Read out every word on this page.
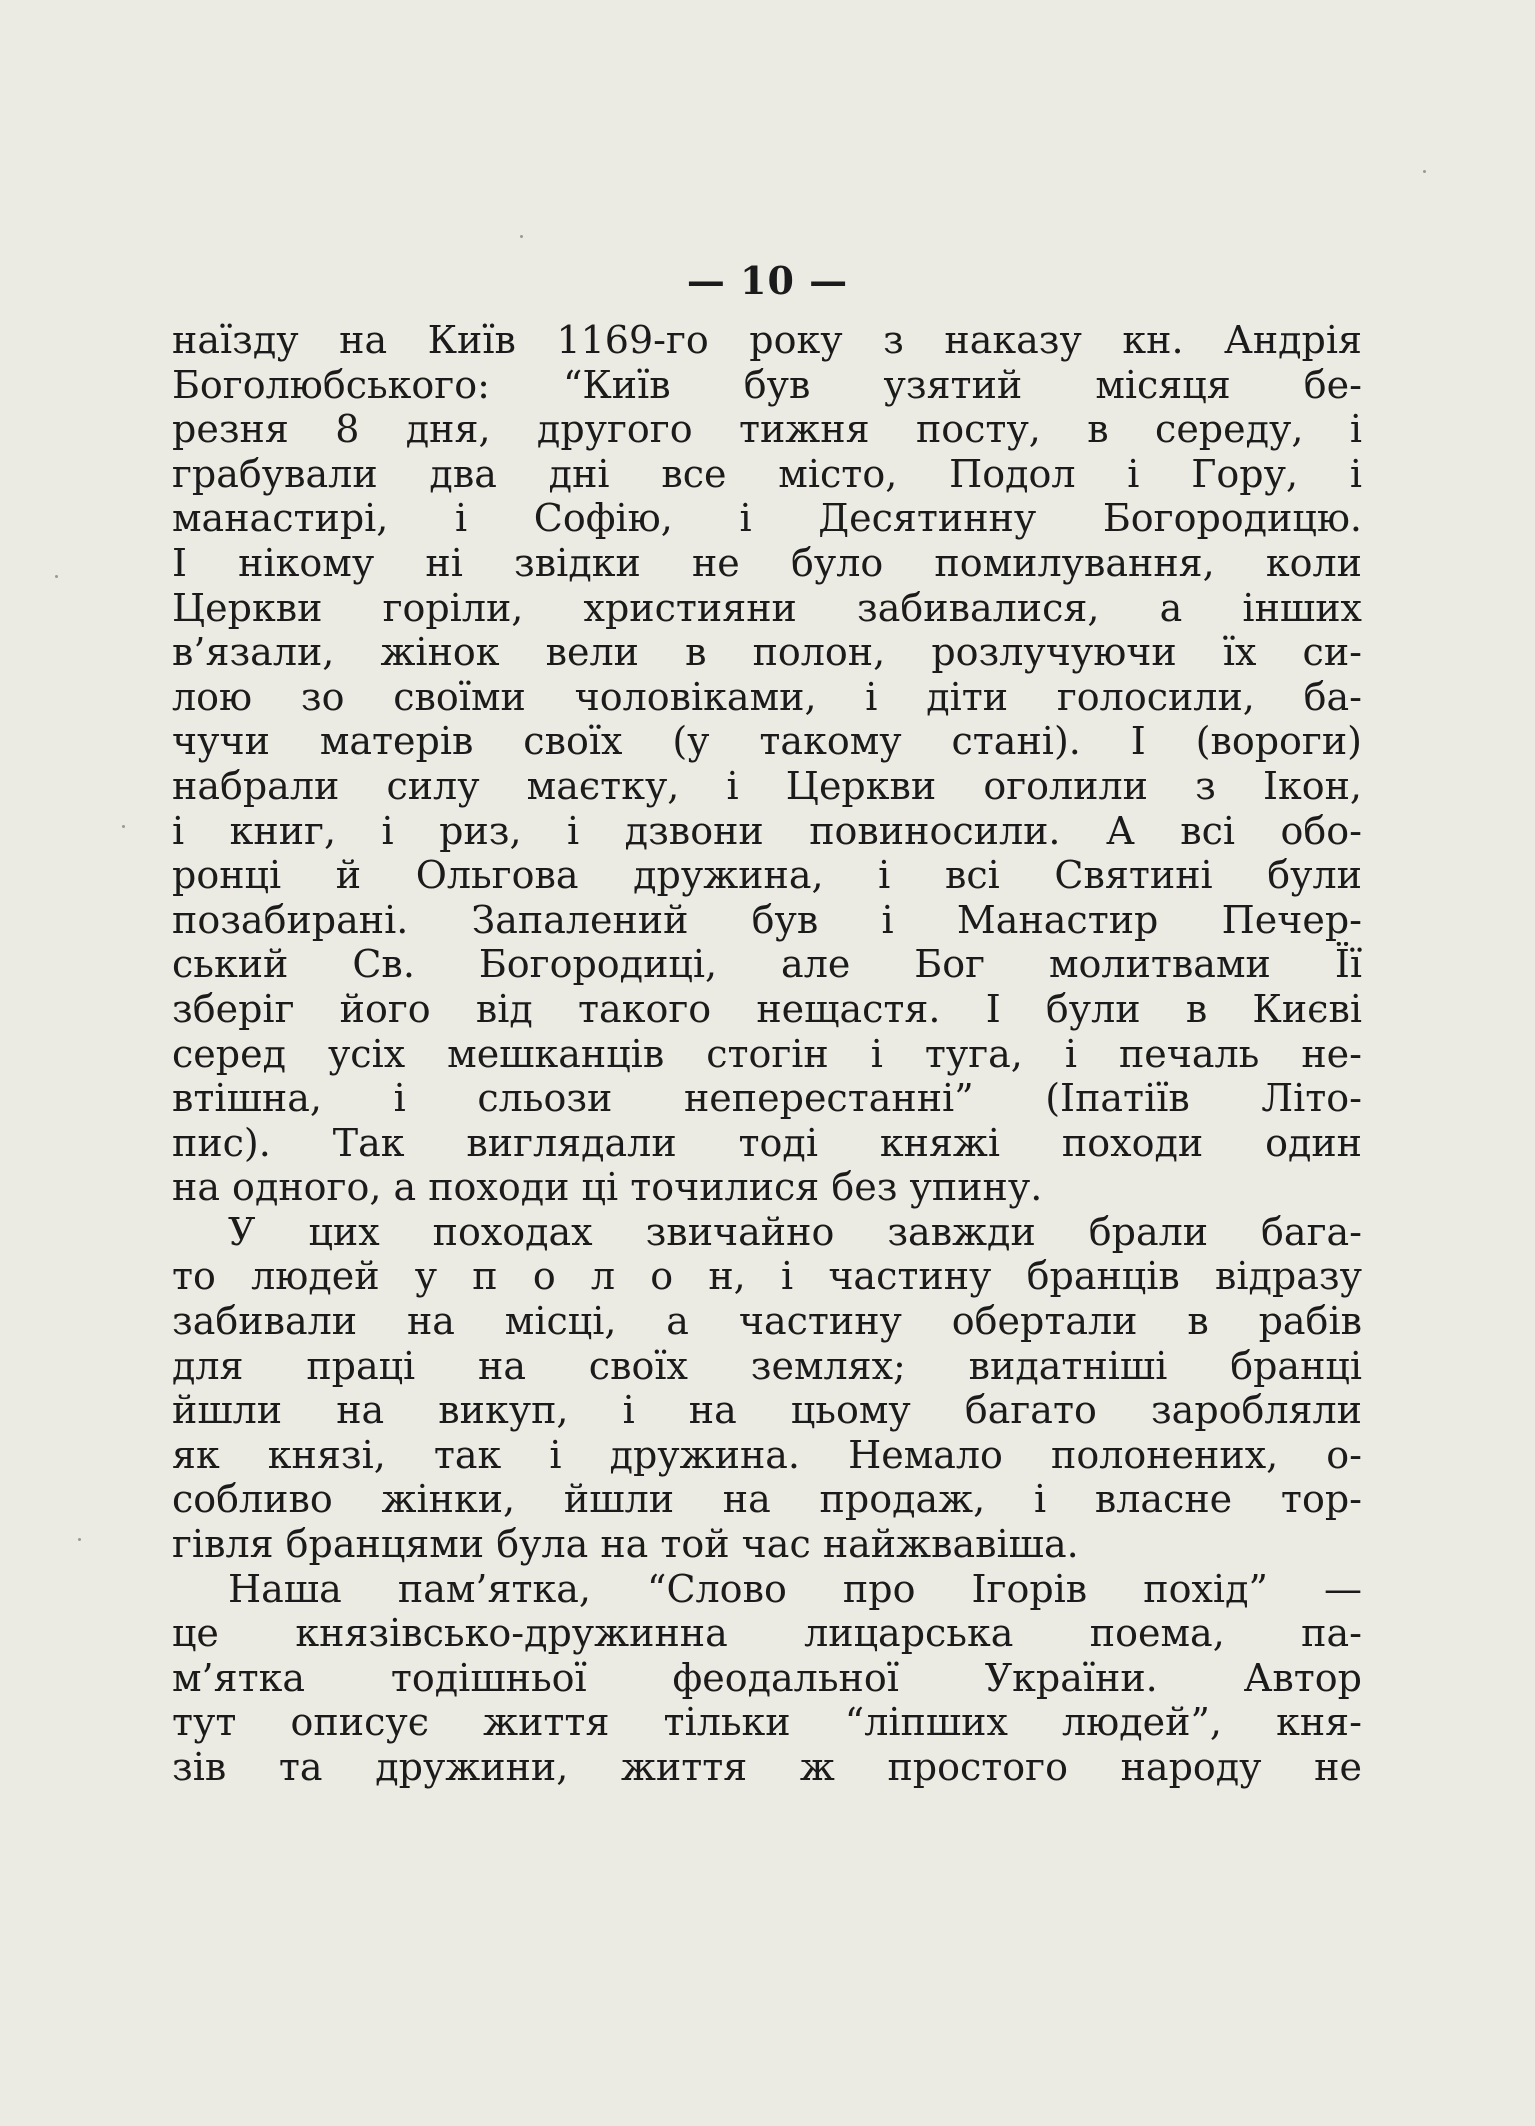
— 10 —
наїзду на Київ 1169-го року з наказу кн. Андрія
Боголюбського: “Київ був узятий місяця бе-
резня 8 дня, другого тижня посту, в середу, і
грабували два дні все місто, Подол і Гору, і
манастирі, і Софію, і Десятинну Богородицю.
І нікому ні звідки не було помилування, коли
Церкви горіли, християни забивалися, а інших
в’язали, жінок вели в полон, розлучуючи їх си-
лою зо своїми чоловіками, і діти голосили, ба-
чучи матерів своїх (у такому стані). І (вороги)
набрали силу маєтку, і Церкви оголили з Ікон,
і книг, і риз, і дзвони повиносили. А всі обо-
ронці й Ольгова дружина, і всі Святині були
позабирані. Запалений був і Манастир Печер-
ський Св. Богородиці, але Бог молитвами Її
зберіг його від такого нещастя. І були в Києві
серед усіх мешканців стогін і туга, і печаль не-
втішна, і сльози неперестанні” (Іпатіїв Літо-
пис). Так виглядали тоді княжі походи один
на одного, а походи ці точилися без упину.
У цих походах звичайно завжди брали бага-
то людей у п о л о н, і частину бранців відразу
забивали на місці, а частину обертали в рабів
для праці на своїх землях; видатніші бранці
йшли на викуп, і на цьому багато заробляли
як князі, так і дружина. Немало полонених, о-
собливо жінки, йшли на продаж, і власне тор-
гівля бранцями була на той час найжвавіша.
Наша пам’ятка, “Слово про Ігорів похід” —
це князівсько-дружинна лицарська поема, па-
м’ятка тодішньої феодальної України. Автор
тут описує життя тільки “ліпших людей”, кня-
зів та дружини, життя ж простого народу не
